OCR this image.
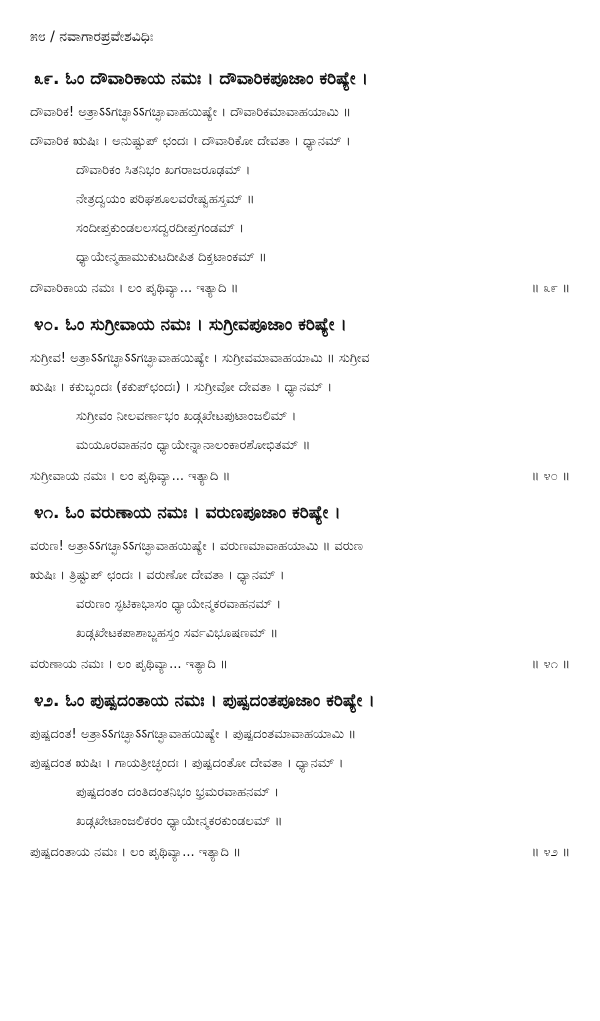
೫೮ / ನವಾಗಾರಪ್ರವೇಶವಿಧಿಃ
೩೯. ಓಂ ದೌವಾರಿಕಾಯ ನಮಃ । ದೌವಾರಿಕಪೂಜಾಂ ಕರಿಷ್ಯೇ ।
ದೌವಾರಿಕ! ಅತ್ರಾऽऽಗಚ್ಛಾऽऽಗಚ್ಛಾವಾಹಯಿಷ್ಯೇ । ದೌವಾರಿಕಮಾವಾಹಯಾಮಿ ॥
ದೌವಾರಿಕ ಋಷಿಃ । ಅನುಷ್ಟುಪ್ ಛಂದಃ । ದೌವಾರಿಕೋ ದೇವತಾ । ಧ್ಯಾನಮ್ ।
ದೌವಾರಿಕಂ ಸಿತನಿಭಂ ಖಗರಾಜರೂಢಮ್ ।
ನೇತ್ರದ್ವಯಂ ಪರಿಘಶೂಲವರೇಷ್ವಹಸ್ತಮ್ ॥
ಸಂದೀಪ್ತಕುಂಡಲಲಸದ್ವರದೀಪ್ತಗಂಡಮ್ ।
ಧ್ಯಾಯೇನ್ಮಹಾಮುಕುಟದೀಪಿತ ದಿಕ್ತಟಾಂಕಮ್ ॥
ದೌವಾರಿಕಾಯ ನಮಃ । ಲಂ ಪೃಥಿವ್ಯಾ... ಇತ್ಯಾದಿ ॥	॥ ೩೯ ॥
೪೦. ಓಂ ಸುಗ್ರೀವಾಯ ನಮಃ । ಸುಗ್ರೀವಪೂಜಾಂ ಕರಿಷ್ಯೇ ।
ಸುಗ್ರೀವ! ಅತ್ರಾऽऽಗಚ್ಛಾऽऽಗಚ್ಛಾವಾಹಯಿಷ್ಯೇ । ಸುಗ್ರೀವಮಾವಾಹಯಾಮಿ ॥ ಸುಗ್ರೀವ
ಋಷಿಃ । ಕಕುಬ್ಛಂದಃ (ಕಕುಪ್‌ಛಂದಃ) । ಸುಗ್ರೀವೋ ದೇವತಾ । ಧ್ಯಾನಮ್ ।
ಸುಗ್ರೀವಂ ನೀಲವರ್ಣಾಭಂ ಖಡ್ಗಖೇಟಪುಟಾಂಜಲಿಮ್ ।
ಮಯೂರವಾಹನಂ ಧ್ಯಾಯೇನ್ನಾನಾಲಂಕಾರಶೋಭಿತಮ್ ॥
ಸುಗ್ರೀವಾಯ ನಮಃ । ಲಂ ಪೃಥಿವ್ಯಾ... ಇತ್ಯಾದಿ ॥	॥ ೪೦ ॥
೪೧. ಓಂ ವರುಣಾಯ ನಮಃ । ವರುಣಪೂಜಾಂ ಕರಿಷ್ಯೇ ।
ವರುಣ! ಅತ್ರಾऽऽಗಚ್ಛಾऽऽಗಚ್ಛಾವಾಹಯಿಷ್ಯೇ । ವರುಣಮಾವಾಹಯಾಮಿ ॥ ವರುಣ
ಋಷಿಃ । ತ್ರಿಷ್ಟುಪ್ ಛಂದಃ । ವರುಣೋ ದೇವತಾ । ಧ್ಯಾನಮ್ ।
ವರುಣಂ ಸ್ಫಟಿಕಾಭಾಸಂ ಧ್ಯಾಯೇನ್ಮಕರವಾಹನಮ್ ।
ಖಡ್ಗಖೇಟಕಪಾಶಾಬ್ಜಹಸ್ತಂ ಸರ್ವವಿಭೂಷಣಮ್ ॥
ವರುಣಾಯ ನಮಃ । ಲಂ ಪೃಥಿವ್ಯಾ... ಇತ್ಯಾದಿ ॥	॥ ೪೧ ॥
೪೨. ಓಂ ಪುಷ್ಪದಂತಾಯ ನಮಃ । ಪುಷ್ಪದಂತಪೂಜಾಂ ಕರಿಷ್ಯೇ ।
ಪುಷ್ಪದಂತ! ಅತ್ರಾऽऽಗಚ್ಛಾऽऽಗಚ್ಛಾವಾಹಯಿಷ್ಯೇ । ಪುಷ್ಪದಂತಮಾವಾಹಯಾಮಿ ॥
ಪುಷ್ಪದಂತ ಋಷಿಃ । ಗಾಯತ್ರೀಚ್ಛಂದಃ । ಪುಷ್ಪದಂತೋ ದೇವತಾ । ಧ್ಯಾನಮ್ ।
ಪುಷ್ಪದಂತಂ ದಂತಿದಂತನಿಭಂ ಭ್ರಮರವಾಹನಮ್ ।
ಖಡ್ಗಖೇಟಾಂಜಲಿಕರಂ ಧ್ಯಾಯೇನ್ಮಕರಕುಂಡಲಮ್ ॥
ಪುಷ್ಪದಂತಾಯ ನಮಃ । ಲಂ ಪೃಥಿವ್ಯಾ... ಇತ್ಯಾದಿ ॥	॥ ೪೨ ॥
